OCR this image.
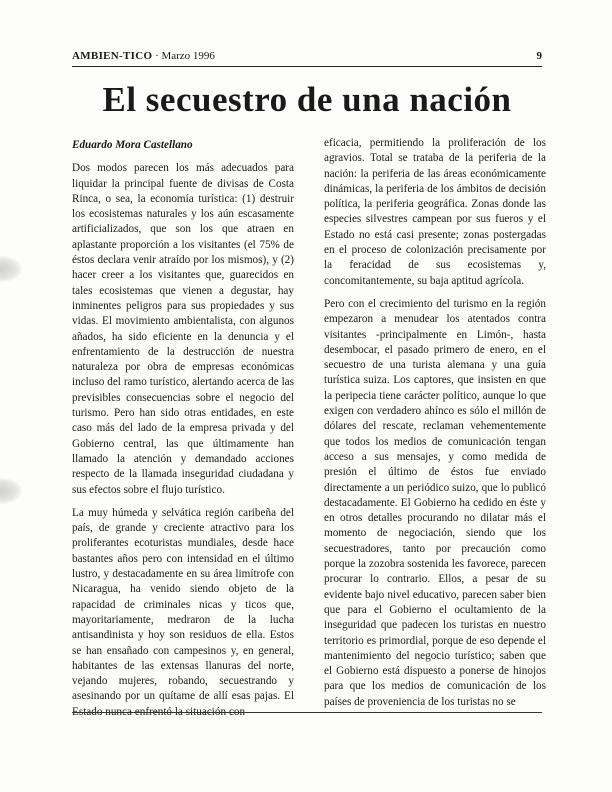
AMBIEN-TICO · Marzo 1996	9
El secuestro de una nación

Eduardo Mora Castellano

Dos modos parecen los más adecuados para liquidar la principal fuente de divisas de Costa Rinca, o sea, la economía turística: (1) destruir los ecosistemas naturales y los aún escasamente artificializados, que son los que atraen en aplastante proporción a los visitantes (el 75% de éstos declara venir atraído por los mismos), y (2) hacer creer a los visitantes que, guarecidos en tales ecosistemas que vienen a degustar, hay inminentes peligros para sus propiedades y sus vidas. El movimiento ambientalista, con algunos añados, ha sido eficiente en la denuncia y el enfrentamiento de la destrucción de nuestra naturaleza por obra de empresas económicas incluso del ramo turístico, alertando acerca de las previsibles consecuencias sobre el negocio del turismo. Pero han sido otras entidades, en este caso más del lado de la empresa privada y del Gobierno central, las que últimamente han llamado la atención y demandado acciones respecto de la llamada inseguridad ciudadana y sus efectos sobre el flujo turístico.

La muy húmeda y selvática región caribeña del país, de grande y creciente atractivo para los proliferantes ecoturistas mundiales, desde hace bastantes años pero con intensidad en el último lustro, y destacadamente en su área limítrofe con Nicaragua, ha venido siendo objeto de la rapacidad de criminales nicas y ticos que, mayoritariamente, medraron de la lucha antisandinista y hoy son residuos de ella. Estos se han ensañado con campesinos y, en general, habitantes de las extensas llanuras del norte, vejando mujeres, robando, secuestrando y asesinando por un quítame de allí esas pajas. El Estado nunca enfrentó la situación con

eficacia, permitiendo la proliferación de los agravios. Total se trataba de la periferia de la nación: la periferia de las áreas económicamente dinámicas, la periferia de los ámbitos de decisión política, la periferia geográfica. Zonas donde las especies silvestres campean por sus fueros y el Estado no está casi presente; zonas postergadas en el proceso de colonización precisamente por la feracidad de sus ecosistemas y, concomitantemente, su baja aptitud agrícola.

Pero con el crecimiento del turismo en la región empezaron a menudear los atentados contra visitantes -principalmente en Limón-, hasta desembocar, el pasado primero de enero, en el secuestro de una turista alemana y una guía turística suiza. Los captores, que insisten en que la peripecia tiene carácter político, aunque lo que exigen con verdadero ahínco es sólo el millón de dólares del rescate, reclaman vehementemente que todos los medios de comunicación tengan acceso a sus mensajes, y como medida de presión el último de éstos fue enviado directamente a un periódico suizo, que lo publicó destacadamente. El Gobierno ha cedido en éste y en otros detalles procurando no dilatar más el momento de negociación, siendo que los secuestradores, tanto por precaución como porque la zozobra sostenida les favorece, parecen procurar lo contrario. Ellos, a pesar de su evidente bajo nivel educativo, parecen saber bien que para el Gobierno el ocultamiento de la inseguridad que padecen los turistas en nuestro territorio es primordial, porque de eso depende el mantenimiento del negocio turístico; saben que el Gobierno está dispuesto a ponerse de hinojos para que los medios de comunicación de los países de proveniencia de los turistas no se
